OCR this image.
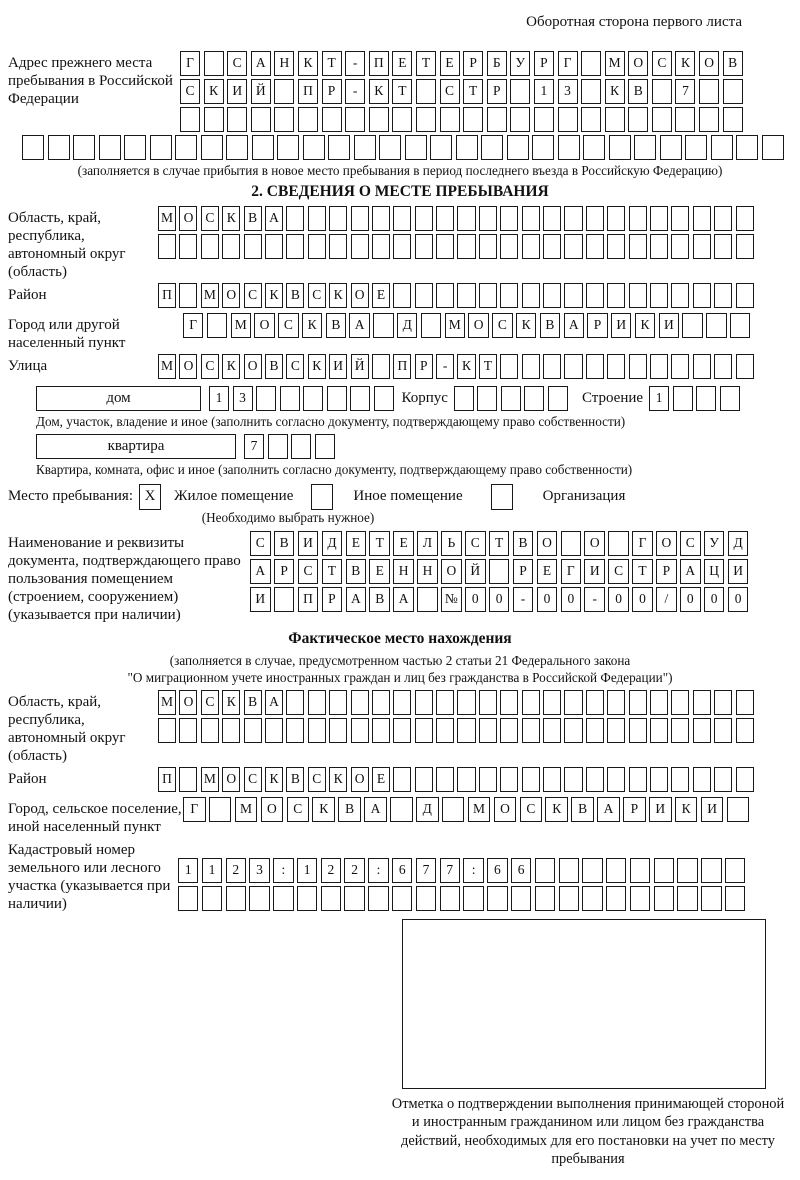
Оборотная сторона первого листа
Адрес прежнего места пребывания в Российской Федерации
Г	С	А	Н	К	Т	-	П	Е	Т	Е	Р	Б	У	Р	Г	М О	С	К	О	В
С	К	И	Й	П	Р	-	К	Т	С	Т	Р	1	3	К	В	7
(заполняется в случае прибытия в новое место пребывания в период последнего въезда в Российскую Федерацию)
2. СВЕДЕНИЯ О МЕСТЕ ПРЕБЫВАНИЯ
Область, край, республика, автономный округ (область)
М О С К В А
Район	П	М О С К В С К О Е
Город или другой населенный пункт
Г	М О	С	К	В	А	Д	М О	С	К	В	А	Р	И	К	И
Улица	М О С К О В С К И Й	П Р	-	К Т
дом	1	3	Корпус	Строение 1
Дом, участок, владение и иное (заполнить согласно документу, подтверждающему право собственности)
квартира	7
Квартира, комната, офис и иное (заполнить согласно документу, подтверждающему право собственности)
Место пребывания: X	Жилое помещение	Иное помещение	Организация
(Необходимо выбрать нужное)
Наименование и реквизиты документа, подтверждающего право пользования помещением (строением, сооружением) (указывается при наличии)
С	В	И	Д	Е	Т	Е	Л	Ь	С	Т	В	О	О	Г	О	С	У	Д
А	Р	С	Т	В	Е	Н	Н	О	Й	Р	Е	Г	И	С	Т	Р	А	Ц	И
И	П	Р	А	В	А	№	0	0	-	0	0	-	0	0	/	0	0	0
Фактическое место нахождения
(заполняется в случае, предусмотренном частью 2 статьи 21 Федерального закона
"О миграционном учете иностранных граждан и лиц без гражданства в Российской Федерации")
Область, край, республика, автономный округ (область)
М О С К В А
Район	П	М О С К В С К О Е
Город, сельское поселение, иной населенный пункт
Г	М	О	С	К	В	А	Д	М	О	С	К	В	А	Р	И	К	И
Кадастровый номер земельного или лесного участка (указывается при наличии)
1	1	2	3	:	1	2	2	:	6	7	7	:	6	6
Отметка о подтверждении выполнения принимающей стороной и иностранным гражданином или лицом без гражданства действий, необходимых для его постановки на учет по месту пребывания
